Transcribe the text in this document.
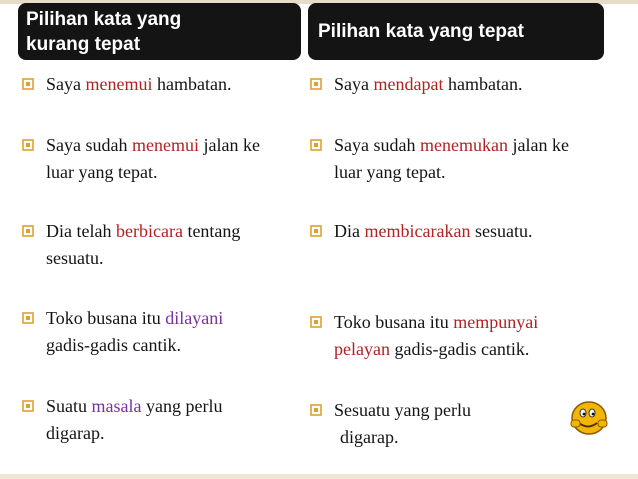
Pilihan kata yang
kurang tepat
Pilihan kata yang tepat
Saya menemui hambatan.
Saya sudah menemui jalan ke
luar yang tepat.
Dia telah berbicara tentang
sesuatu.
Toko busana itu dilayani
gadis-gadis cantik.
Suatu masala yang perlu
digarap.
Saya mendapat hambatan.
Saya sudah menemukan jalan ke
luar yang tepat.
Dia membicarakan sesuatu.
Toko busana itu mempunyai
pelayan gadis-gadis cantik.
Sesuatu yang perlu
digarap.
